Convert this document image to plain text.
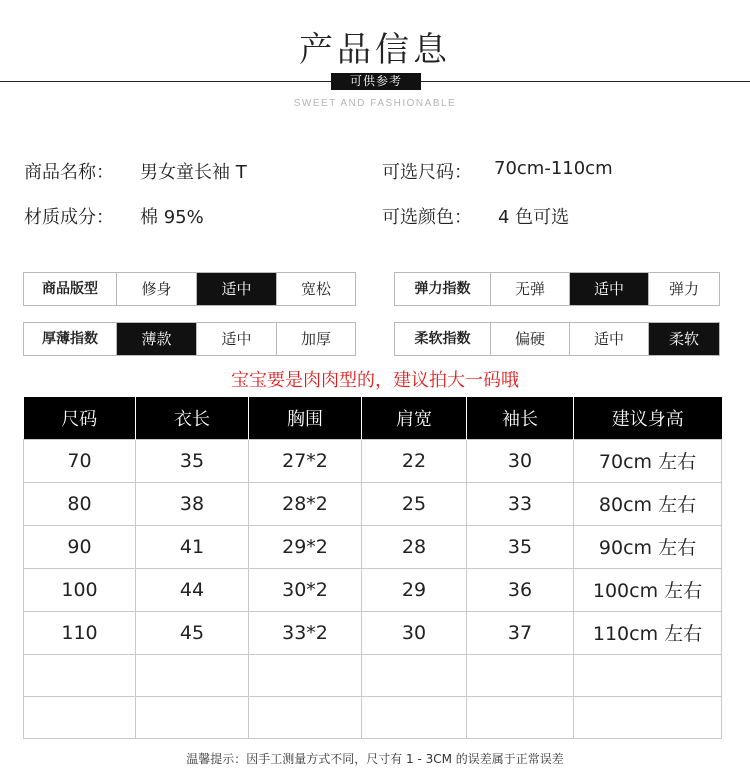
产品信息
可供参考
SWEET AND FASHIONABLE
商品名称： 男女童长袖 T	可选尺码： 70cm-110cm
材质成分： 棉 95%	可选颜色： 4 色可选
商品版型	修身	适中	宽松
厚薄指数	薄款	适中	加厚
弹力指数	无弹	适中	弹力
柔软指数	偏硬	适中	柔软
宝宝要是肉肉型的，建议拍大一码哦
尺码	衣长	胸围	肩宽	袖长	建议身高
70	35	27*2	22	30	70cm 左右
80	38	28*2	25	33	80cm 左右
90	41	29*2	28	35	90cm 左右
100	44	30*2	29	36	100cm 左右
110	45	33*2	30	37	110cm 左右

温馨提示：因手工测量方式不同，尺寸有 1 - 3CM 的误差属于正常误差
